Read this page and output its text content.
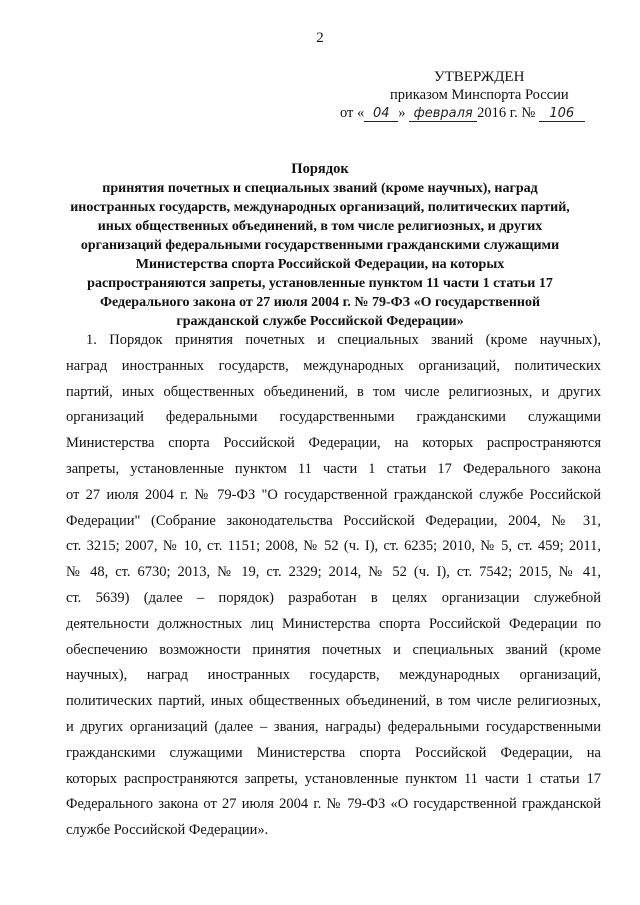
2
УТВЕРЖДЕН
приказом Минспорта России
от « 04 » февраля 2016 г. № 106
Порядок
принятия почетных и специальных званий (кроме научных), наград
иностранных государств, международных организаций, политических партий,
иных общественных объединений, в том числе религиозных, и других
организаций федеральными государственными гражданскими служащими
Министерства спорта Российской Федерации, на которых
распространяются запреты, установленные пунктом 11 части 1 статьи 17
Федерального закона от 27 июля 2004 г. № 79-ФЗ «О государственной
гражданской службе Российской Федерации»
1. Порядок принятия почетных и специальных званий (кроме научных),
наград иностранных государств, международных организаций, политических
партий, иных общественных объединений, в том числе религиозных, и других
организаций федеральными государственными гражданскими служащими
Министерства спорта Российской Федерации, на которых распространяются
запреты, установленные пунктом 11 части 1 статьи 17 Федерального закона
от 27 июля 2004 г. № 79-ФЗ "О государственной гражданской службе Российской
Федерации" (Собрание законодательства Российской Федерации, 2004, № 31,
ст. 3215; 2007, № 10, ст. 1151; 2008, № 52 (ч. I), ст. 6235; 2010, № 5, ст. 459; 2011,
№ 48, ст. 6730; 2013, № 19, ст. 2329; 2014, № 52 (ч. I), ст. 7542; 2015, № 41,
ст. 5639) (далее – порядок) разработан в целях организации служебной
деятельности должностных лиц Министерства спорта Российской Федерации по
обеспечению возможности принятия почетных и специальных званий (кроме
научных), наград иностранных государств, международных организаций,
политических партий, иных общественных объединений, в том числе религиозных,
и других организаций (далее – звания, награды) федеральными государственными
гражданскими служащими Министерства спорта Российской Федерации, на
которых распространяются запреты, установленные пунктом 11 части 1 статьи 17
Федерального закона от 27 июля 2004 г. № 79-ФЗ «О государственной гражданской
службе Российской Федерации».
